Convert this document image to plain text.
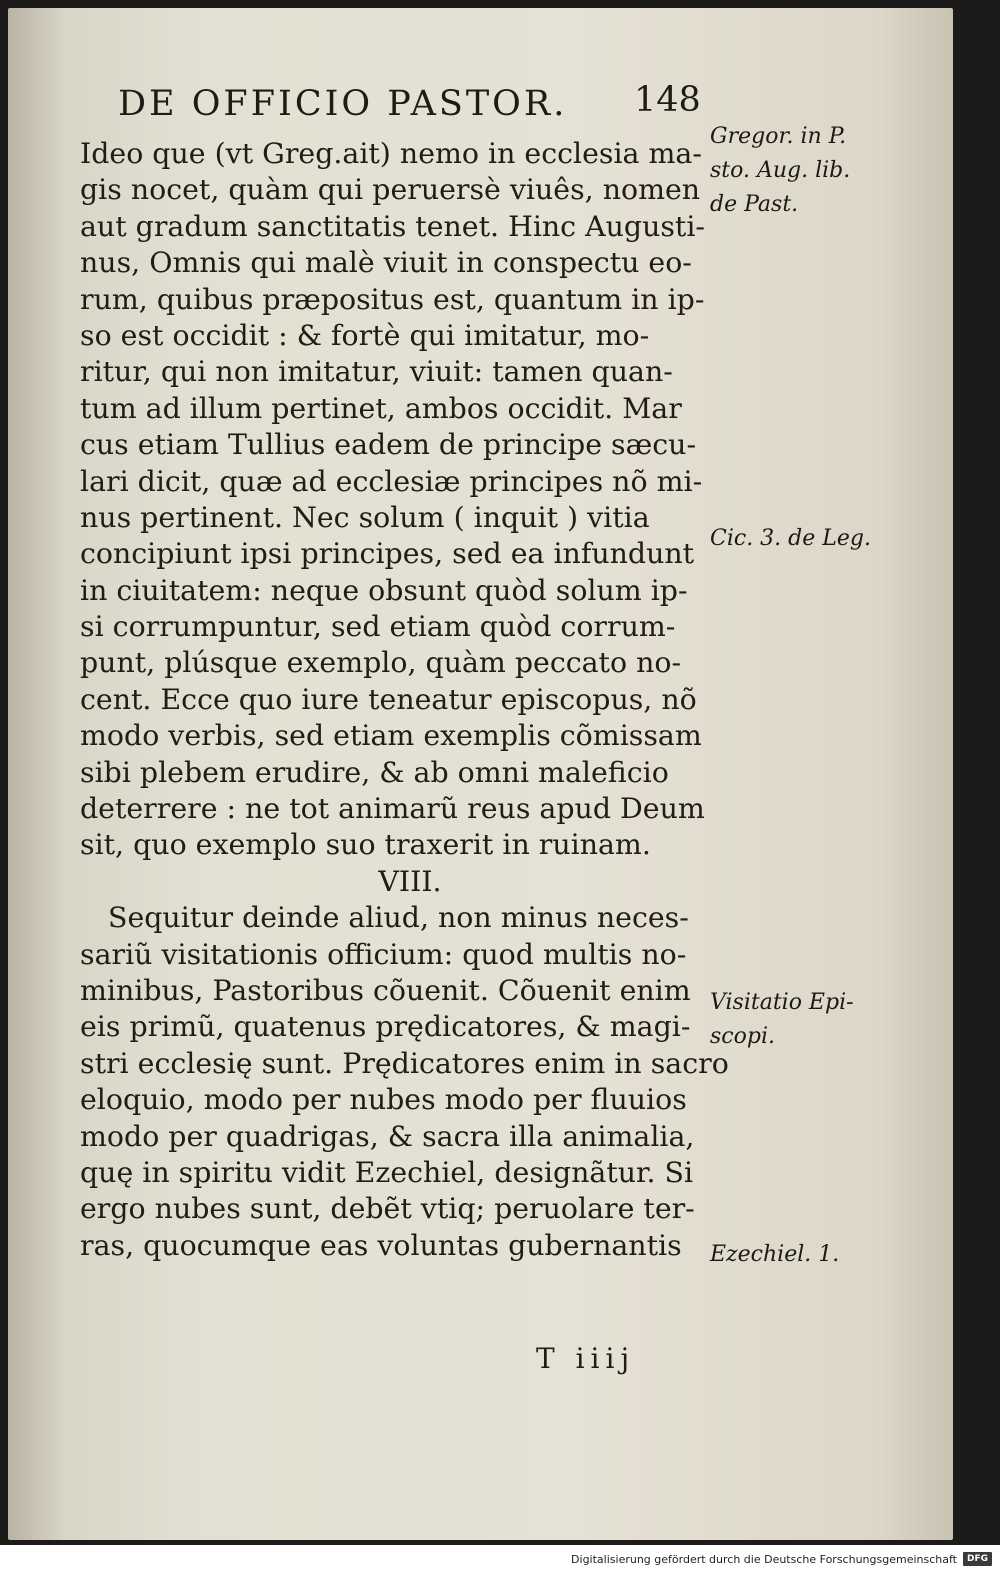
DE OFFICIO PASTOR. 148
Ideo que (vt Greg.ait) nemo in ecclesia ma-
gis nocet, quàm qui peruersè viuês, nomen
aut gradum sanctitatis tenet. Hinc Augusti-
nus, Omnis qui malè viuit in conspectu eo-
rum, quibus præpositus est, quantum in ip-
so est occidit : & fortè qui imitatur, mo-
ritur, qui non imitatur, viuit: tamen quan-
tum ad illum pertinet, ambos occidit. Mar
cus etiam Tullius eadem de principe sæcu-
lari dicit, quæ ad ecclesiæ principes nõ mi-
nus pertinent. Nec solum ( inquit ) vitia
concipiunt ipsi principes, sed ea infundunt
in ciuitatem: neque obsunt quòd solum ip-
si corrumpuntur, sed etiam quòd corrum-
punt, plúsque exemplo, quàm peccato no-
cent. Ecce quo iure teneatur episcopus, nõ
modo verbis, sed etiam exemplis cõmissam
sibi plebem erudire, & ab omni maleficio
deterrere : ne tot animarũ reus apud Deum
sit, quo exemplo suo traxerit in ruinam.
VIII.
Sequitur deinde aliud, non minus neces-
sariũ visitationis officium: quod multis no-
minibus, Pastoribus cõuenit. Cõuenit enim
eis primũ, quatenus prędicatores, & magi-
stri ecclesię sunt. Prędicatores enim in sacro
eloquio, modo per nubes modo per fluuios
modo per quadrigas, & sacra illa animalia,
quę in spiritu vidit Ezechiel, designãtur. Si
ergo nubes sunt, debẽt vtiq; peruolare ter-
ras, quocumque eas voluntas gubernantis
T iiij
Gregor. in P.
sto. Aug. lib.
de Past.
Cic. 3. de Leg.
Visitatio Epi-
scopi.
Ezechiel. 1.
Digitalisierung gefördert durch die Deutsche Forschungsgemeinschaft	DFG
